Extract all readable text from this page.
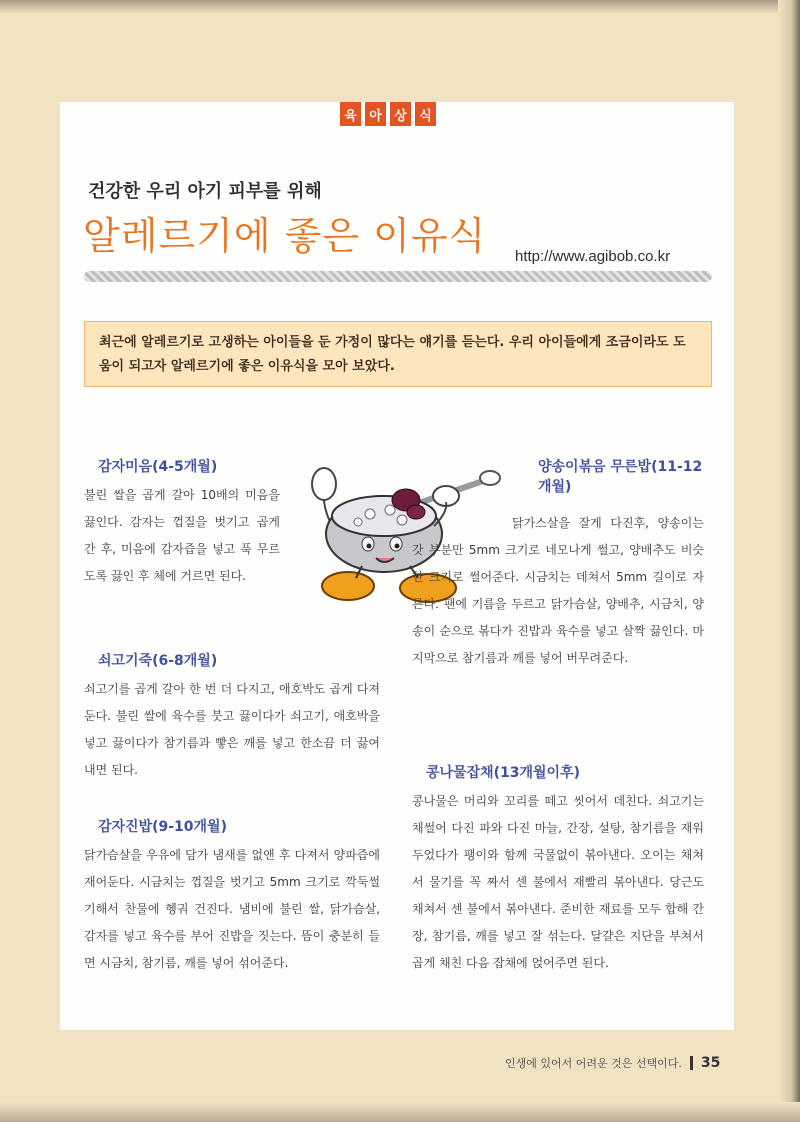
육 아 상 식
건강한 우리 아기 피부를 위해
알레르기에 좋은 이유식 http://www.agibob.co.kr
최근에 알레르기로 고생하는 아이들을 둔 가정이 많다는 얘기를 듣는다. 우리 아이들에게 조금이라도 도움이 되고자 알레르기에 좋은 이유식을 모아 보았다.
감자미음(4-5개월)
불린 쌀을 곱게 갈아 10배의 미음을 끓인다. 감자는 껍질을 벗기고 곱게 간 후, 미음에 감자즙을 넣고 푹 무르도록 끓인 후 체에 거르면 된다.
쇠고기죽(6-8개월)
쇠고기를 곱게 갈아 한 번 더 다지고, 애호박도 곱게 다져둔다. 불린 쌀에 육수를 붓고 끓이다가 쇠고기, 애호박을 넣고 끓이다가 참기름과 빻은 깨를 넣고 한소끔 더 끓여내면 된다.
감자진밥(9-10개월)
닭가슴살을 우유에 담가 냄새를 없앤 후 다져서 양파즙에 재어둔다. 시금치는 껍질을 벗기고 5mm 크기로 깍둑썰기해서 찬물에 헹궈 건진다. 냄비에 불린 쌀, 닭가슴살, 감자를 넣고 육수를 부어 진밥을 짓는다. 뜸이 충분히 들면 시금치, 참기름, 깨를 넣어 섞어준다.
양송이볶음 무른밥(11-12개월)
닭가스살을 잘게 다진후, 양송이는 갓 부분만 5mm 크기로 네모나게 썰고, 양배추도 비슷한 크기로 썰어준다. 시금치는 데쳐서 5mm 길이로 자른다. 팬에 기름을 두르고 닭가슴살, 양배추, 시금치, 양송이 순으로 볶다가 진밥과 육수를 넣고 살짝 끓인다. 마지막으로 참기름과 깨를 넣어 버무려준다.
콩나물잡채(13개월이후)
콩나물은 머리와 꼬리를 떼고 씻어서 데친다. 쇠고기는 채썰어 다진 파와 다진 마늘, 간장, 설탕, 참기름을 재워 두었다가 팽이와 함께 국물없이 볶아낸다. 오이는 채쳐서 물기를 꼭 짜서 센 불에서 재빨리 볶아낸다. 당근도 채쳐서 센 불에서 볶아낸다. 준비한 재료를 모두 합해 간장, 참기름, 깨를 넣고 잘 섞는다. 달걀은 지단을 부쳐서 곱게 채친 다음 잡채에 얹어주면 된다.
인생에 있어서 어려운 것은 선택이다. 35
